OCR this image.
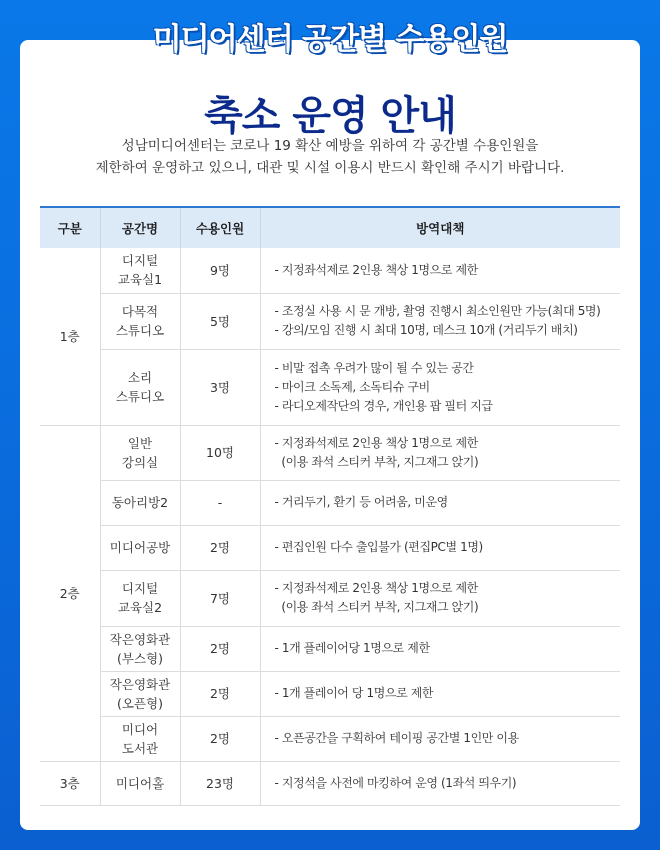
미디어센터 공간별 수용인원
축소 운영 안내
성남미디어센터는 코로나 19 확산 예방을 위하여 각 공간별 수용인원을
제한하여 운영하고 있으니, 대관 및 시설 이용시 반드시 확인해 주시기 바랍니다.
구분	공간명	수용인원	방역대책
1층	디지털
교육실1	9명	- 지정좌석제로 2인용 책상 1명으로 제한

	다목적
스튜디오	5명	- 조정실 사용 시 문 개방, 촬영 진행시 최소인원만 가능(최대 5명)
- 강의/모임 진행 시 최대 10명, 데스크 10개 (거리두기 배치)

	소리
스튜디오	3명	- 비말 접촉 우려가 많이 될 수 있는 공간
- 마이크 소독제, 소독티슈 구비
- 라디오제작단의 경우, 개인용 팝 필터 지급

2층	일반
강의실	10명	- 지정좌석제로 2인용 책상 1명으로 제한
(이용 좌석 스티커 부착, 지그재그 앉기)

	동아리방2	-	- 거리두기, 환기 등 어려움, 미운영

	미디어공방	2명	- 편집인원 다수 출입불가 (편집PC별 1명)

	디지털
교육실2	7명	- 지정좌석제로 2인용 책상 1명으로 제한
(이용 좌석 스티커 부착, 지그재그 앉기)

	작은영화관
(부스형)	2명	- 1개 플레이어당 1명으로 제한

	작은영화관
(오픈형)	2명	- 1개 플레이어 당 1명으로 제한

	미디어
도서관	2명	- 오픈공간을 구획하여 테이핑 공간별 1인만 이용

3층	미디어홀	23명	- 지정석을 사전에 마킹하여 운영 (1좌석 띄우기)
